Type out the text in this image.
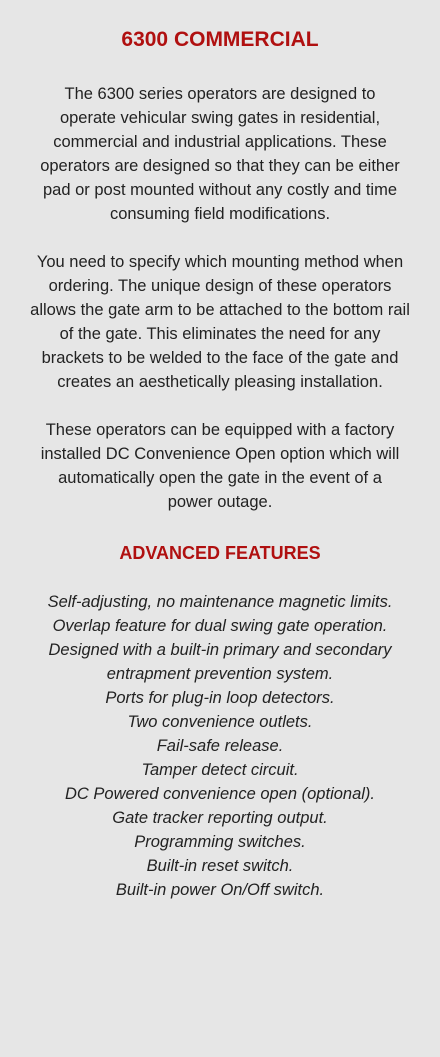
6300 COMMERCIAL

The 6300 series operators are designed to operate vehicular swing gates in residential, commercial and industrial applications. These operators are designed so that they can be either pad or post mounted without any costly and time consuming field modifications.

You need to specify which mounting method when ordering. The unique design of these operators allows the gate arm to be attached to the bottom rail of the gate. This eliminates the need for any brackets to be welded to the face of the gate and creates an aesthetically pleasing installation.

These operators can be equipped with a factory installed DC Convenience Open option which will automatically open the gate in the event of a power outage.

ADVANCED FEATURES
Self-adjusting, no maintenance magnetic limits.
Overlap feature for dual swing gate operation.
Designed with a built-in primary and secondary entrapment prevention system.
Ports for plug-in loop detectors.
Two convenience outlets.
Fail-safe release.
Tamper detect circuit.
DC Powered convenience open (optional).
Gate tracker reporting output.
Programming switches.
Built-in reset switch.
Built-in power On/Off switch.
